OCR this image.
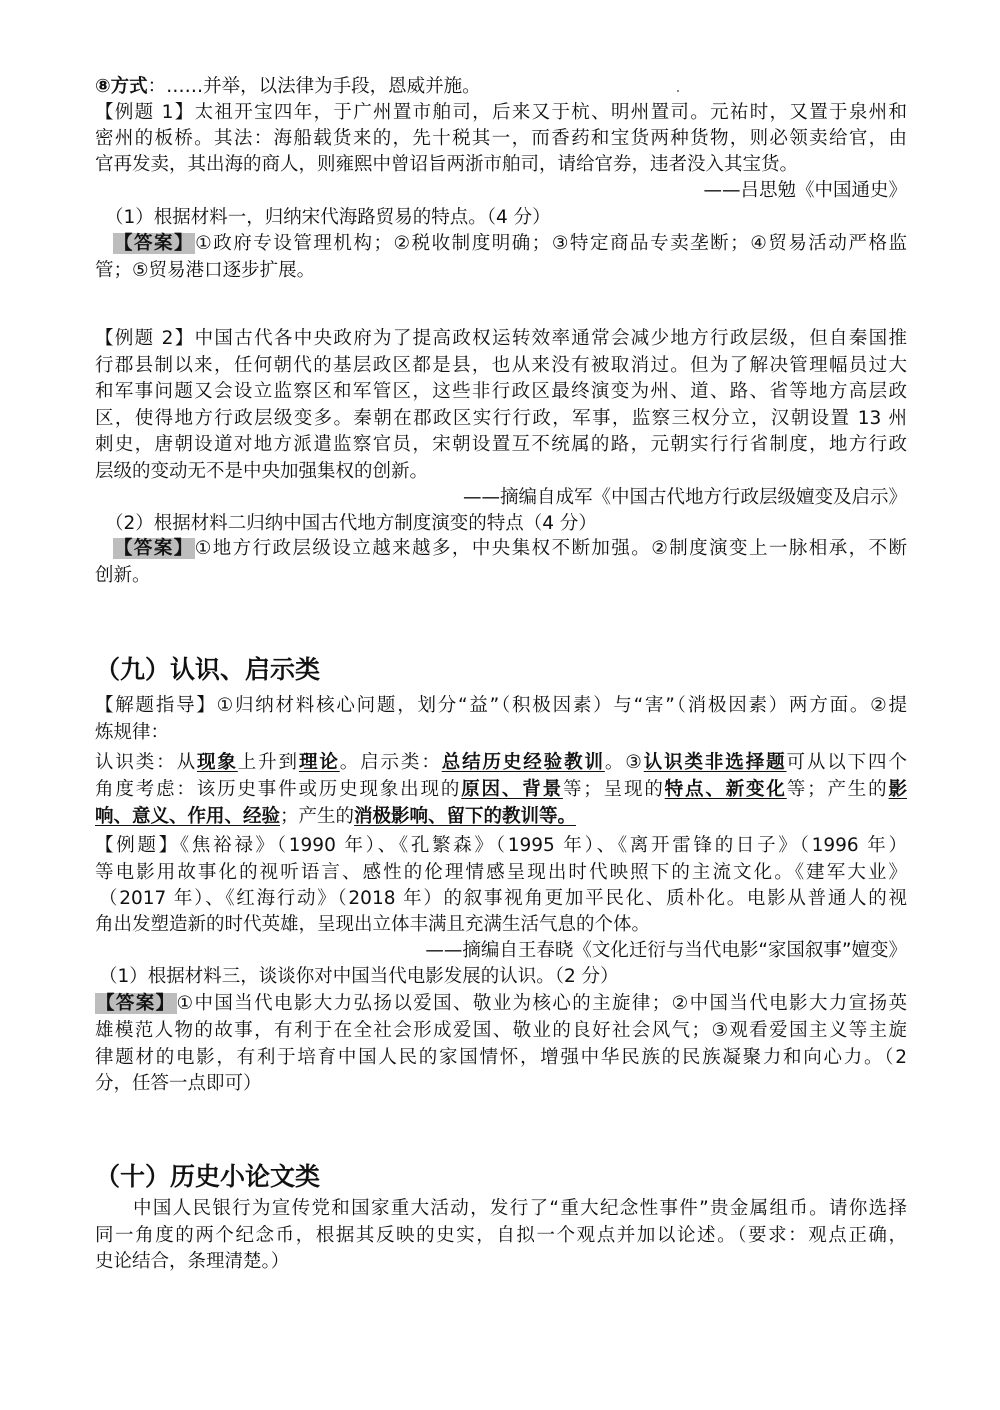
⑧方式：……并举，以法律为手段，恩威并施。
【例题 1】太祖开宝四年，于广州置市舶司，后来又于杭、明州置司。元祐时，又置于泉州和
密州的板桥。其法：海船载货来的，先十税其一，而香药和宝货两种货物，则必领卖给官，由
官再发卖，其出海的商人，则雍熙中曾诏旨两浙市舶司，请给官券，违者没入其宝货。
——吕思勉《中国通史》
（1）根据材料一，归纳宋代海路贸易的特点。（4 分）
【答案】①政府专设管理机构；②税收制度明确；③特定商品专卖垄断；④贸易活动严格监
管；⑤贸易港口逐步扩展。
【例题 2】中国古代各中央政府为了提高政权运转效率通常会减少地方行政层级，但自秦国推
行郡县制以来，任何朝代的基层政区都是县，也从来没有被取消过。但为了解决管理幅员过大
和军事问题又会设立监察区和军管区，这些非行政区最终演变为州、道、路、省等地方高层政
区，使得地方行政层级变多。秦朝在郡政区实行行政，军事，监察三权分立，汉朝设置 13 州
刺史，唐朝设道对地方派遣监察官员，宋朝设置互不统属的路，元朝实行行省制度，地方行政
层级的变动无不是中央加强集权的创新。
——摘编自成军《中国古代地方行政层级嬗变及启示》
（2）根据材料二归纳中国古代地方制度演变的特点（4 分）
【答案】①地方行政层级设立越来越多，中央集权不断加强。②制度演变上一脉相承，不断
创新。
（九）认识、启示类
【解题指导】①归纳材料核心问题，划分“益”（积极因素）与“害”（消极因素）两方面。②提
炼规律：
认识类：从现象上升到理论。启示类：总结历史经验教训。③认识类非选择题可从以下四个
角度考虑：该历史事件或历史现象出现的原因、背景等；呈现的特点、新变化等；产生的影
响、意义、作用、经验；产生的消极影响、留下的教训等。
【例题】《焦裕禄》（1990 年）、《孔繁森》（1995 年）、《离开雷锋的日子》（1996 年）
等电影用故事化的视听语言、感性的伦理情感呈现出时代映照下的主流文化。《建军大业》
（2017 年）、《红海行动》（2018 年）的叙事视角更加平民化、质朴化。电影从普通人的视
角出发塑造新的时代英雄，呈现出立体丰满且充满生活气息的个体。
——摘编自王春晓《文化迁衍与当代电影“家国叙事”嬗变》
（1）根据材料三，谈谈你对中国当代电影发展的认识。（2 分）
【答案】①中国当代电影大力弘扬以爱国、敬业为核心的主旋律；②中国当代电影大力宣扬英
雄模范人物的故事，有利于在全社会形成爱国、敬业的良好社会风气；③观看爱国主义等主旋
律题材的电影，有利于培育中国人民的家国情怀，增强中华民族的民族凝聚力和向心力。（2
分，任答一点即可）
（十）历史小论文类
中国人民银行为宣传党和国家重大活动，发行了“重大纪念性事件”贵金属组币。请你选择
同一角度的两个纪念币，根据其反映的史实，自拟一个观点并加以论述。（要求：观点正确，
史论结合，条理清楚。）
